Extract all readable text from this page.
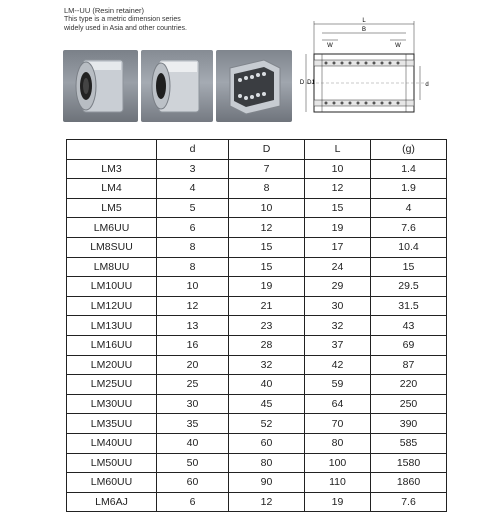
LM--UU (Resin retainer)
This type is a metric dimension series
widely used in Asia and other countries.
L
B
W	W
D D1	d
	d	D	L	(g)
LM3	3	7	10	1.4
LM4	4	8	12	1.9
LM5	5	10	15	4
LM6UU	6	12	19	7.6
LM8SUU	8	15	17	10.4
LM8UU	8	15	24	15
LM10UU	10	19	29	29.5
LM12UU	12	21	30	31.5
LM13UU	13	23	32	43
LM16UU	16	28	37	69
LM20UU	20	32	42	87
LM25UU	25	40	59	220
LM30UU	30	45	64	250
LM35UU	35	52	70	390
LM40UU	40	60	80	585
LM50UU	50	80	100	1580
LM60UU	60	90	110	1860
LM6AJ	6	12	19	7.6
